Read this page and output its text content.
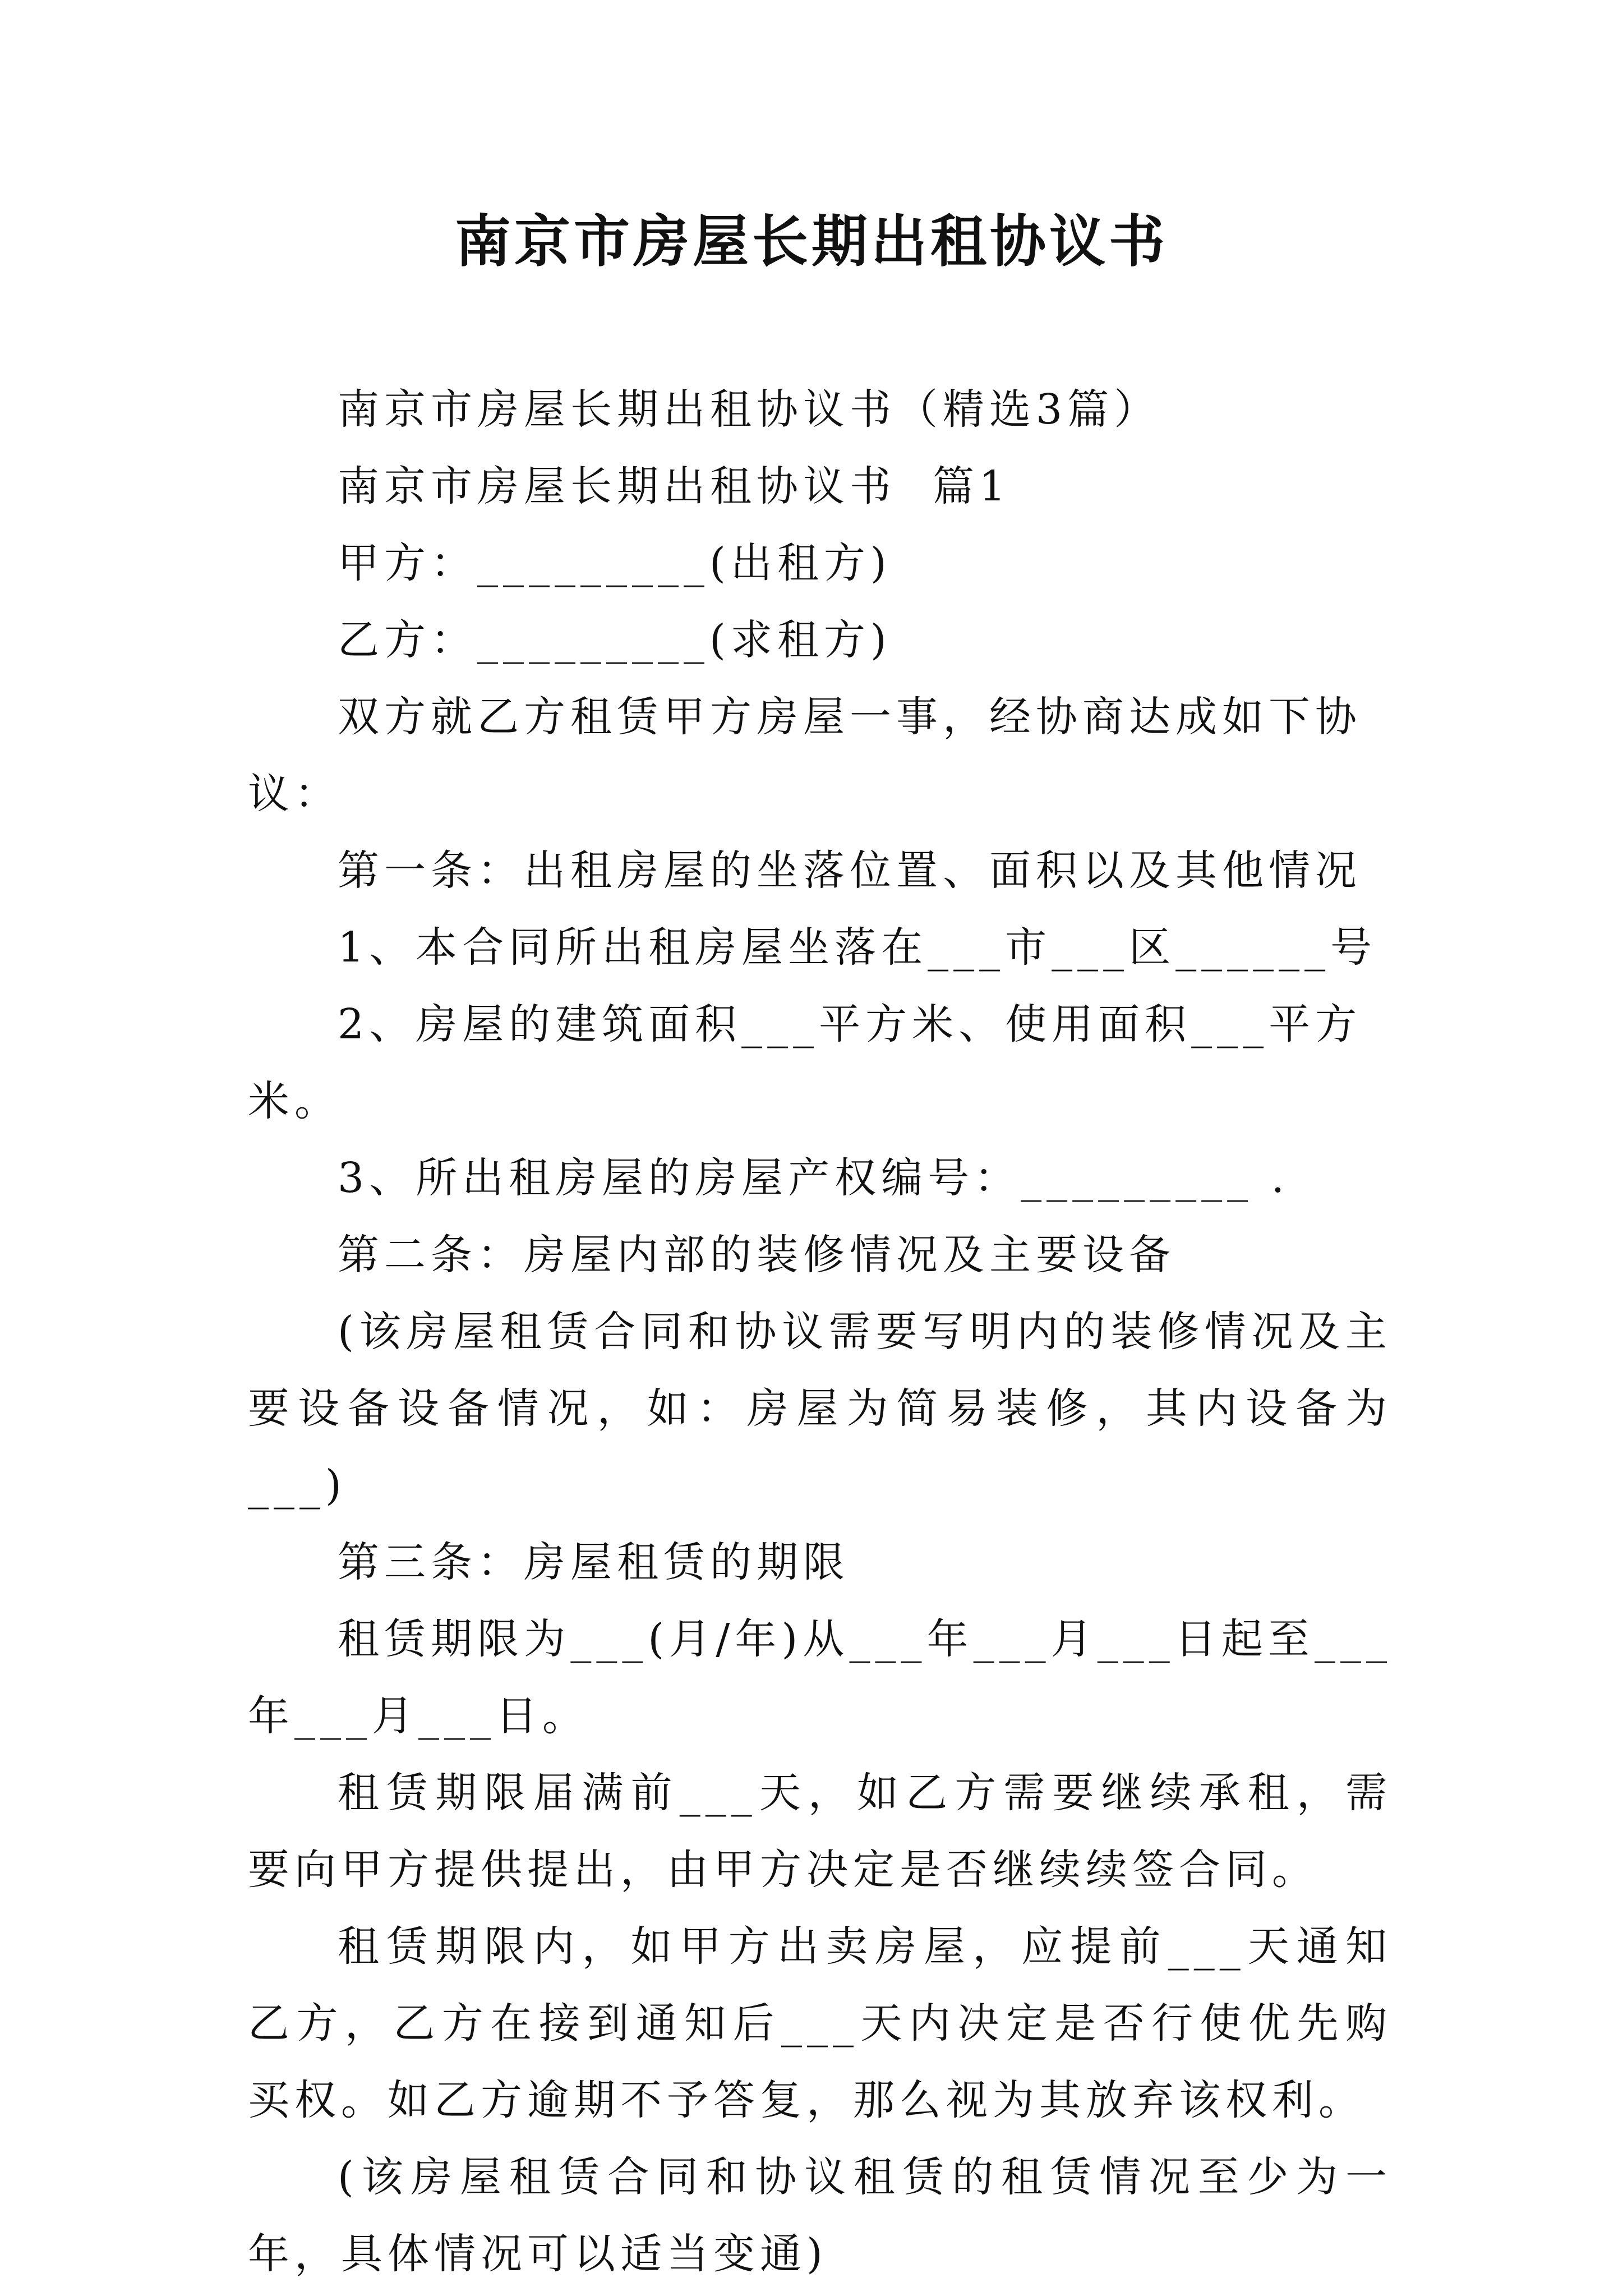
南京市房屋长期出租协议书

南京市房屋长期出租协议书（精选3篇）

南京市房屋长期出租协议书  篇1

甲方：_________(出租方)

乙方：_________(求租方)

双方就乙方租赁甲方房屋一事，经协商达成如下协议：

第一条：出租房屋的坐落位置、面积以及其他情况

1、本合同所出租房屋坐落在___市___区______号

2、房屋的建筑面积___平方米、使用面积___平方米。

3、所出租房屋的房屋产权编号：_________ .

第二条：房屋内部的装修情况及主要设备

(该房屋租赁合同和协议需要写明内的装修情况及主要设备设备情况，如：房屋为简易装修，其内设备为___)

第三条：房屋租赁的期限

租赁期限为___(月/年)从___年___月___日起至___年___月___日。

租赁期限届满前___天，如乙方需要继续承租，需要向甲方提供提出，由甲方决定是否继续续签合同。

租赁期限内，如甲方出卖房屋，应提前___天通知乙方，乙方在接到通知后___天内决定是否行使优先购买权。如乙方逾期不予答复，那么视为其放弃该权利。

(该房屋租赁合同和协议租赁的租赁情况至少为一年，具体情况可以适当变通)
